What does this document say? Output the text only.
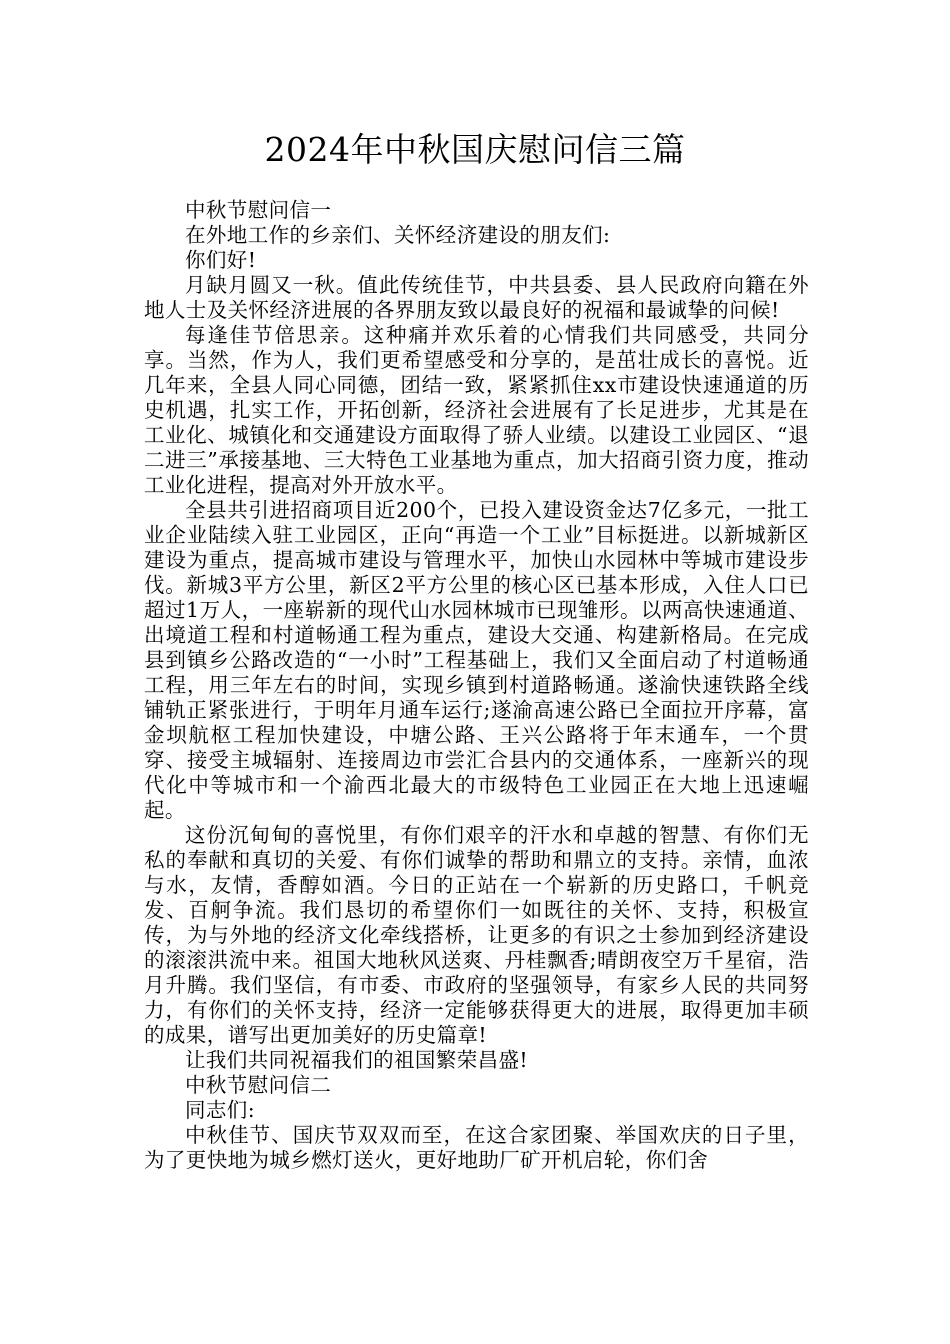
2024年中秋国庆慰问信三篇

中秋节慰问信一

在外地工作的乡亲们、关怀经济建设的朋友们:

你们好!

月缺月圆又一秋。值此传统佳节，中共县委、县人民政府向籍在外地人士及关怀经济进展的各界朋友致以最良好的祝福和最诚挚的问候!

每逢佳节倍思亲。这种痛并欢乐着的心情我们共同感受，共同分享。当然，作为人，我们更希望感受和分享的，是茁壮成长的喜悦。近几年来，全县人同心同德，团结一致，紧紧抓住xx市建设快速通道的历史机遇，扎实工作，开拓创新，经济社会进展有了长足进步，尤其是在工业化、城镇化和交通建设方面取得了骄人业绩。以建设工业园区、“退二进三”承接基地、三大特色工业基地为重点，加大招商引资力度，推动工业化进程，提高对外开放水平。

全县共引进招商项目近200个，已投入建设资金达7亿多元，一批工业企业陆续入驻工业园区，正向“再造一个工业”目标挺进。以新城新区建设为重点，提高城市建设与管理水平，加快山水园林中等城市建设步伐。新城3平方公里，新区2平方公里的核心区已基本形成，入住人口已超过1万人，一座崭新的现代山水园林城市已现雏形。以两高快速通道、出境道工程和村道畅通工程为重点，建设大交通、构建新格局。在完成县到镇乡公路改造的“一小时”工程基础上，我们又全面启动了村道畅通工程，用三年左右的时间，实现乡镇到村道路畅通。遂渝快速铁路全线铺轨正紧张进行，于明年月通车运行;遂渝高速公路已全面拉开序幕，富金坝航枢工程加快建设，中塘公路、王兴公路将于年末通车，一个贯穿、接受主城辐射、连接周边市尝汇合县内的交通体系，一座新兴的现代化中等城市和一个渝西北最大的市级特色工业园正在大地上迅速崛起。

这份沉甸甸的喜悦里，有你们艰辛的汗水和卓越的智慧、有你们无私的奉献和真切的关爱、有你们诚挚的帮助和鼎立的支持。亲情，血浓与水，友情，香醇如酒。今日的正站在一个崭新的历史路口，千帆竞发、百舸争流。我们恳切的希望你们一如既往的关怀、支持，积极宣传，为与外地的经济文化牵线搭桥，让更多的有识之士参加到经济建设的滚滚洪流中来。祖国大地秋风送爽、丹桂飘香;晴朗夜空万千星宿，浩月升腾。我们坚信，有市委、市政府的坚强领导，有家乡人民的共同努力，有你们的关怀支持，经济一定能够获得更大的进展，取得更加丰硕的成果，谱写出更加美好的历史篇章!

让我们共同祝福我们的祖国繁荣昌盛!

中秋节慰问信二

同志们:

中秋佳节、国庆节双双而至，在这合家团聚、举国欢庆的日子里，为了更快地为城乡燃灯送火，更好地助厂矿开机启轮，你们舍
